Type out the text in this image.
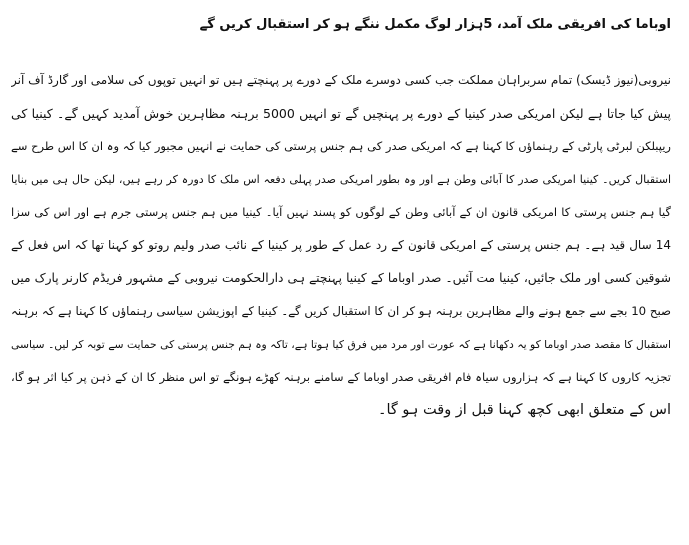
اوباما کی افریقی ملک آمد، 5ہزار لوگ مکمل ننگے ہو کر استقبال کریں گے
نیروبی(نیوز ڈیسک) تمام سربراہان مملکت جب کسی دوسرے ملک کے دورے پر پہنچتے ہیں تو انہیں توپوں کی سلامی اور گارڈ آف آنر
پیش کیا جاتا ہے لیکن امریکی صدر کینیا کے دورے پر پہنچیں گے تو انہیں 5000 برہنہ مظاہرین خوش آمدید کہیں گے۔ کینیا کی
ریپبلکن لبرٹی پارٹی کے رہنماؤں کا کہنا ہے کہ امریکی صدر کی ہم جنس پرستی کی حمایت نے انہیں مجبور کیا کہ وہ ان کا اس طرح سے
استقبال کریں۔ کینیا امریکی صدر کا آبائی وطن ہے اور وہ بطور امریکی صدر پہلی دفعہ اس ملک کا دورہ کر رہے ہیں، لیکن حال ہی میں بنایا
گیا ہم جنس پرستی کا امریکی قانون ان کے آبائی وطن کے لوگوں کو پسند نہیں آیا۔ کینیا میں ہم جنس پرستی جرم ہے اور اس کی سزا
14 سال قید ہے۔ ہم جنس پرستی کے امریکی قانون کے رد عمل کے طور پر کینیا کے نائب صدر ولیم روتو کو کہنا تھا کہ اس فعل کے
شوقین کسی اور ملک جائیں، کینیا مت آئیں۔ صدر اوباما کے کینیا پہنچتے ہی دارالحکومت نیروبی کے مشہور فریڈم کارنر پارک میں
صبح 10 بجے سے جمع ہونے والے مظاہرین برہنہ ہو کر ان کا استقبال کریں گے۔ کینیا کے اپوزیشن سیاسی رہنماؤں کا کہنا ہے کہ برہنہ
استقبال کا مقصد صدر اوباما کو یہ دکھانا ہے کہ عورت اور مرد میں فرق کیا ہوتا ہے، تاکہ وہ ہم جنس پرستی کی حمایت سے توبہ کر لیں۔ سیاسی
تجزیہ کاروں کا کہنا ہے کہ ہزاروں سیاہ فام افریقی صدر اوباما کے سامنے برہنہ کھڑے ہونگے تو اس منظر کا ان کے ذہن پر کیا اثر ہو گا،
اس کے متعلق ابھی کچھ کہنا قبل از وقت ہو گا۔
